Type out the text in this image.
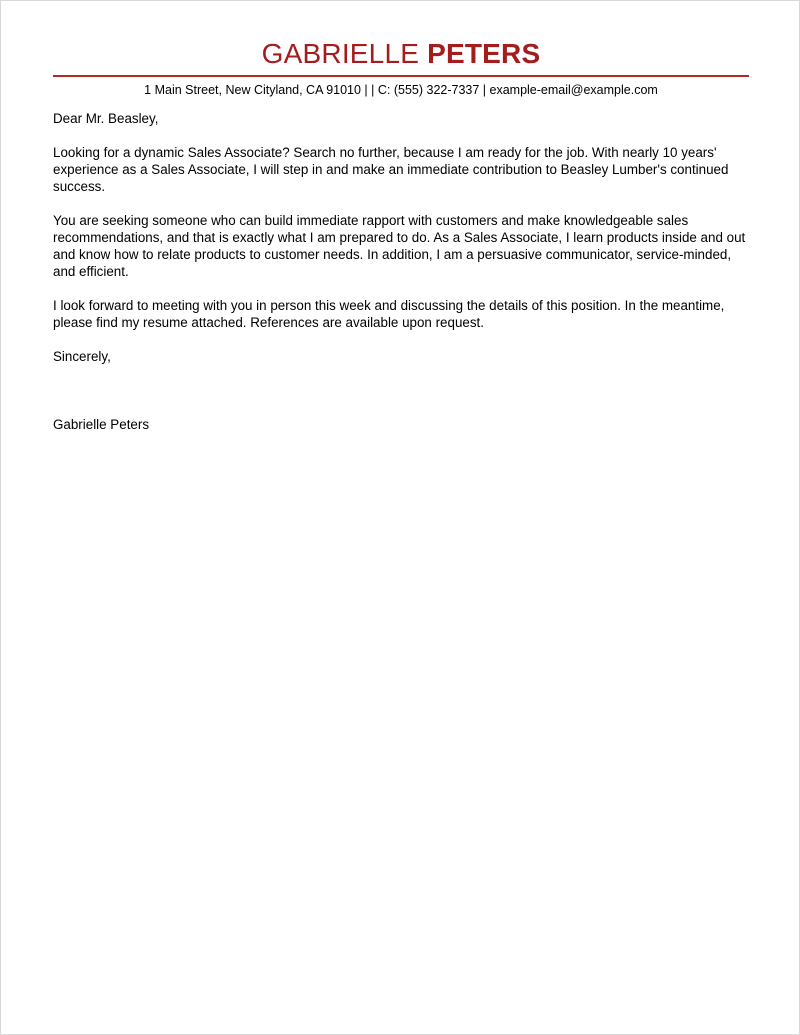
GABRIELLE PETERS
1 Main Street, New Cityland, CA 91010 | | C: (555) 322-7337 | example-email@example.com

Dear Mr. Beasley,

Looking for a dynamic Sales Associate? Search no further, because I am ready for the job. With nearly 10 years' experience as a Sales Associate, I will step in and make an immediate contribution to Beasley Lumber's continued success.

You are seeking someone who can build immediate rapport with customers and make knowledgeable sales recommendations, and that is exactly what I am prepared to do. As a Sales Associate, I learn products inside and out and know how to relate products to customer needs. In addition, I am a persuasive communicator, service-minded, and efficient.

I look forward to meeting with you in person this week and discussing the details of this position. In the meantime, please find my resume attached. References are available upon request.

Sincerely,

Gabrielle Peters
